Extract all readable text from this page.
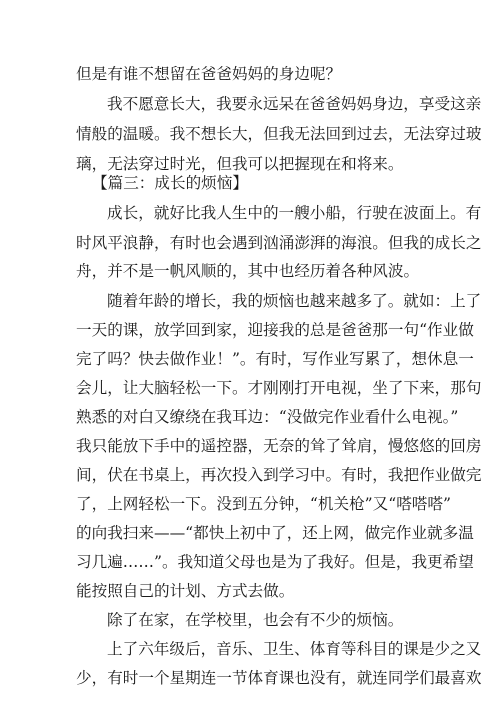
但是有谁不想留在爸爸妈妈的身边呢？
我不愿意长大，我要永远呆在爸爸妈妈身边，享受这亲
情般的温暖。我不想长大，但我无法回到过去，无法穿过玻
璃，无法穿过时光，但我可以把握现在和将来。
【篇三：成长的烦恼】
成长，就好比我人生中的一艘小船，行驶在波面上。有
时风平浪静，有时也会遇到汹涌澎湃的海浪。但我的成长之
舟，并不是一帆风顺的，其中也经历着各种风波。
随着年龄的增长，我的烦恼也越来越多了。就如：上了
一天的课，放学回到家，迎接我的总是爸爸那一句“作业做
完了吗？快去做作业！”。有时，写作业写累了，想休息一
会儿，让大脑轻松一下。才刚刚打开电视，坐了下来，那句
熟悉的对白又缭绕在我耳边：“没做完作业看什么电视。”
我只能放下手中的遥控器，无奈的耸了耸肩，慢悠悠的回房
间，伏在书桌上，再次投入到学习中。有时，我把作业做完
了，上网轻松一下。没到五分钟，“机关枪”又“嗒嗒嗒”
的向我扫来——“都快上初中了，还上网，做完作业就多温
习几遍……”。我知道父母也是为了我好。但是，我更希望
能按照自己的计划、方式去做。
除了在家，在学校里，也会有不少的烦恼。
上了六年级后，音乐、卫生、体育等科目的课是少之又
少，有时一个星期连一节体育课也没有，就连同学们最喜欢
